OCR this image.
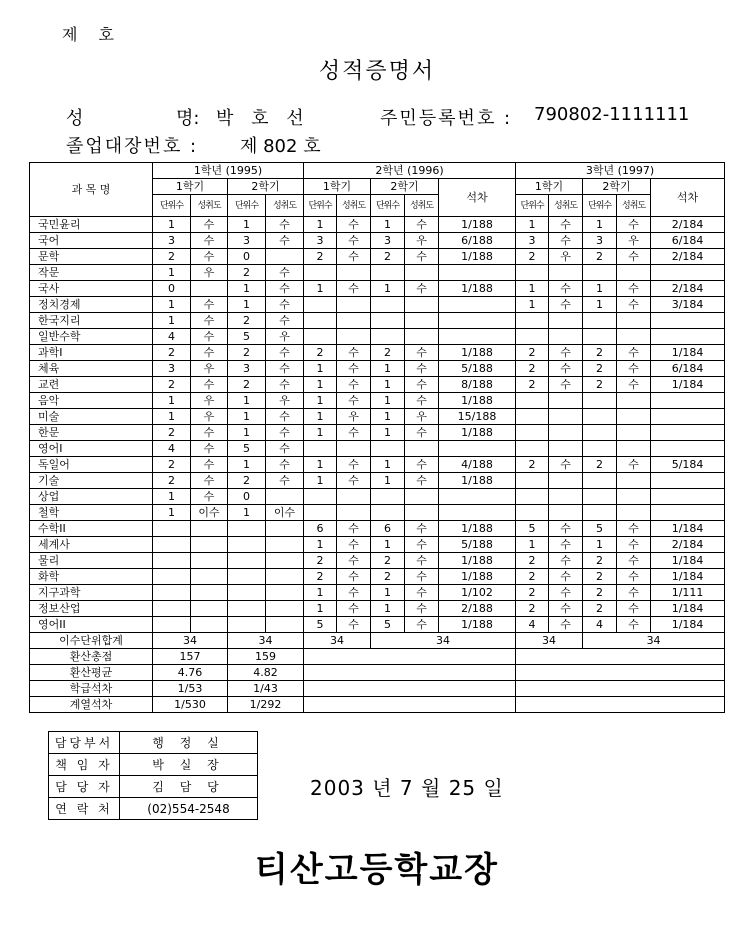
제 호
성적증명서
성	명: 박 호 선	주민등록번호 : 790802-1111111
졸업대장번호 : 제 802 호
과 목 명	1학년 (1995)				2학년 (1996)					3학년 (1997)				
	1학기		2학기		1학기		2학기		석차	1학기		2학기		석차
	단위수	성취도	단위수	성취도	단위수	성취도	단위수	성취도		단위수	성취도	단위수	성취도	
국민윤리	1	수	1	수	1	수	1	수	1/188	1	수	1	수	2/184
국어	3	수	3	수	3	수	3	우	6/188	3	수	3	우	6/184
문학	2	수	0		2	수	2	수	1/188	2	우	2	수	2/184
작문	1	우	2	수										
국사	0		1	수	1	수	1	수	1/188	1	수	1	수	2/184
정치경제	1	수	1	수						1	수	1	수	3/184
한국지리	1	수	2	수										
일반수학	4	수	5	우										
과학I	2	수	2	수	2	수	2	수	1/188	2	수	2	수	1/184
체육	3	우	3	수	1	수	1	수	5/188	2	수	2	수	6/184
교련	2	수	2	수	1	수	1	수	8/188	2	수	2	수	1/184
음악	1	우	1	우	1	수	1	수	1/188					
미술	1	우	1	수	1	우	1	우	15/188					
한문	2	수	1	수	1	수	1	수	1/188					
영어I	4	수	5	수										
독일어	2	수	1	수	1	수	1	수	4/188	2	수	2	수	5/184
기술	2	수	2	수	1	수	1	수	1/188					
상업	1	수	0											
철학	1	이수	1	이수										
수학II					6	수	6	수	1/188	5	수	5	수	1/184
세계사					1	수	1	수	5/188	1	수	1	수	2/184
물리					2	수	2	수	1/188	2	수	2	수	1/184
화학					2	수	2	수	1/188	2	수	2	수	1/184
지구과학					1	수	1	수	1/102	2	수	2	수	1/111
정보산업					1	수	1	수	2/188	2	수	2	수	1/184
영어II					5	수	5	수	1/188	4	수	4	수	1/184
이수단위합계	34		34		34		34			34		34		
환산총점	157		159											
환산평균	4.76		4.82											
학급석차	1/53		1/43											
계열석차	1/530		1/292											
담당부서	행 정 실
책 임 자	박 실 장
담 당 자	김 담 당
연 락 처	(02)554-2548
2003 년 7 월 25 일
티산고등학교장
